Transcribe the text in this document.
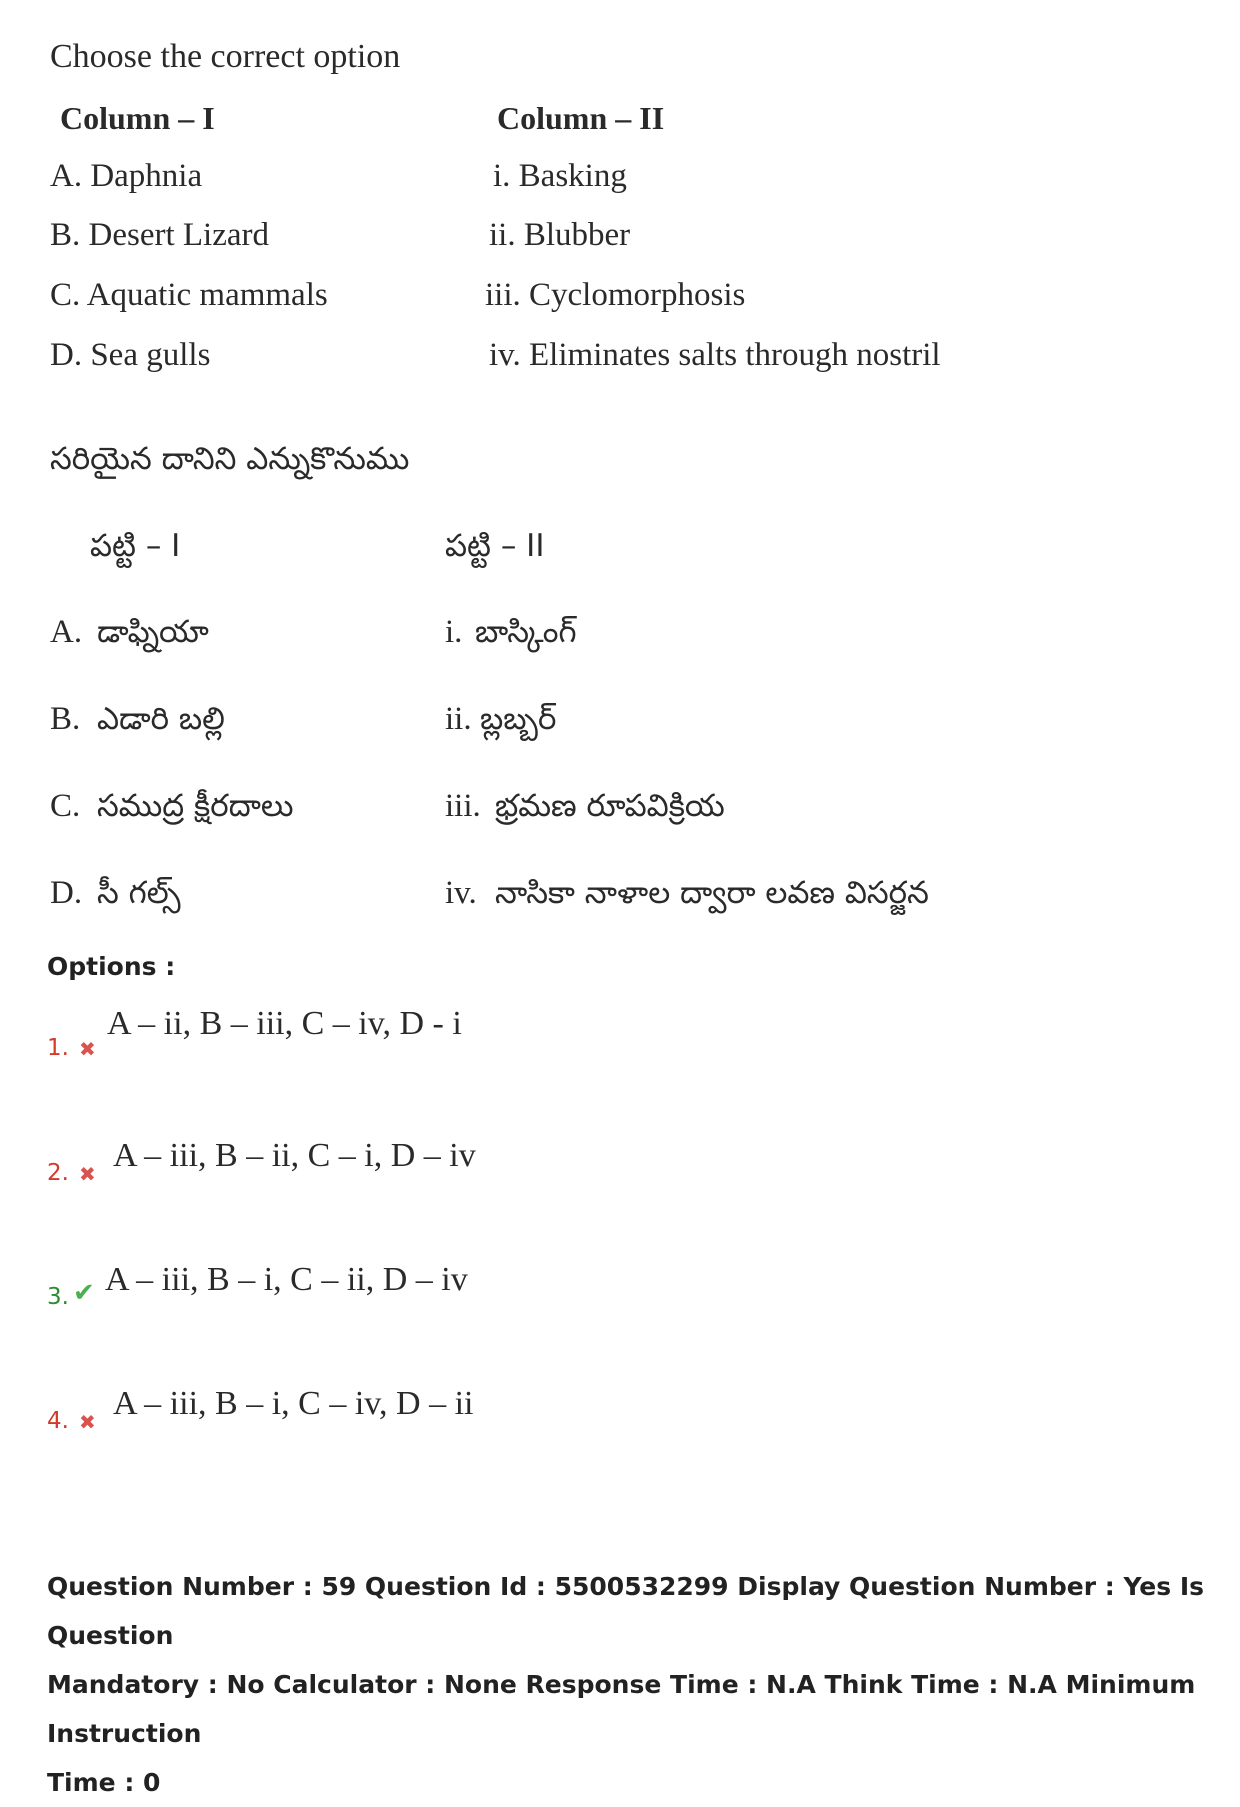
Choose the correct option
Column – I	Column – II
A. Daphnia	i. Basking
B. Desert Lizard	ii. Blubber
C. Aquatic mammals	iii. Cyclomorphosis
D. Sea gulls	iv. Eliminates salts through nostril
సరియైన దానిని ఎన్నుకొనుము
పట్టి – I	పట్టి – II
A. డాఫ్నియా	i. బాస్కింగ్
B. ఎడారి బల్లి	ii. బ్లబ్బర్
C. సముద్ర క్షీరదాలు	iii. భ్రమణ రూపవిక్రియ
D. సీ గల్స్	iv. నాసికా నాళాల ద్వారా లవణ విసర్జన
Options :
1. ✖
A – ii, B – iii, C – iv, D - i
2. ✖ A – iii, B – ii, C – i, D – iv
3. ✔ A – iii, B – i, C – ii, D – iv
4. ✖ A – iii, B – i, C – iv, D – ii
Question Number : 59 Question Id : 5500532299 Display Question Number : Yes Is Question
Mandatory : No Calculator : None Response Time : N.A Think Time : N.A Minimum Instruction
Time : 0
